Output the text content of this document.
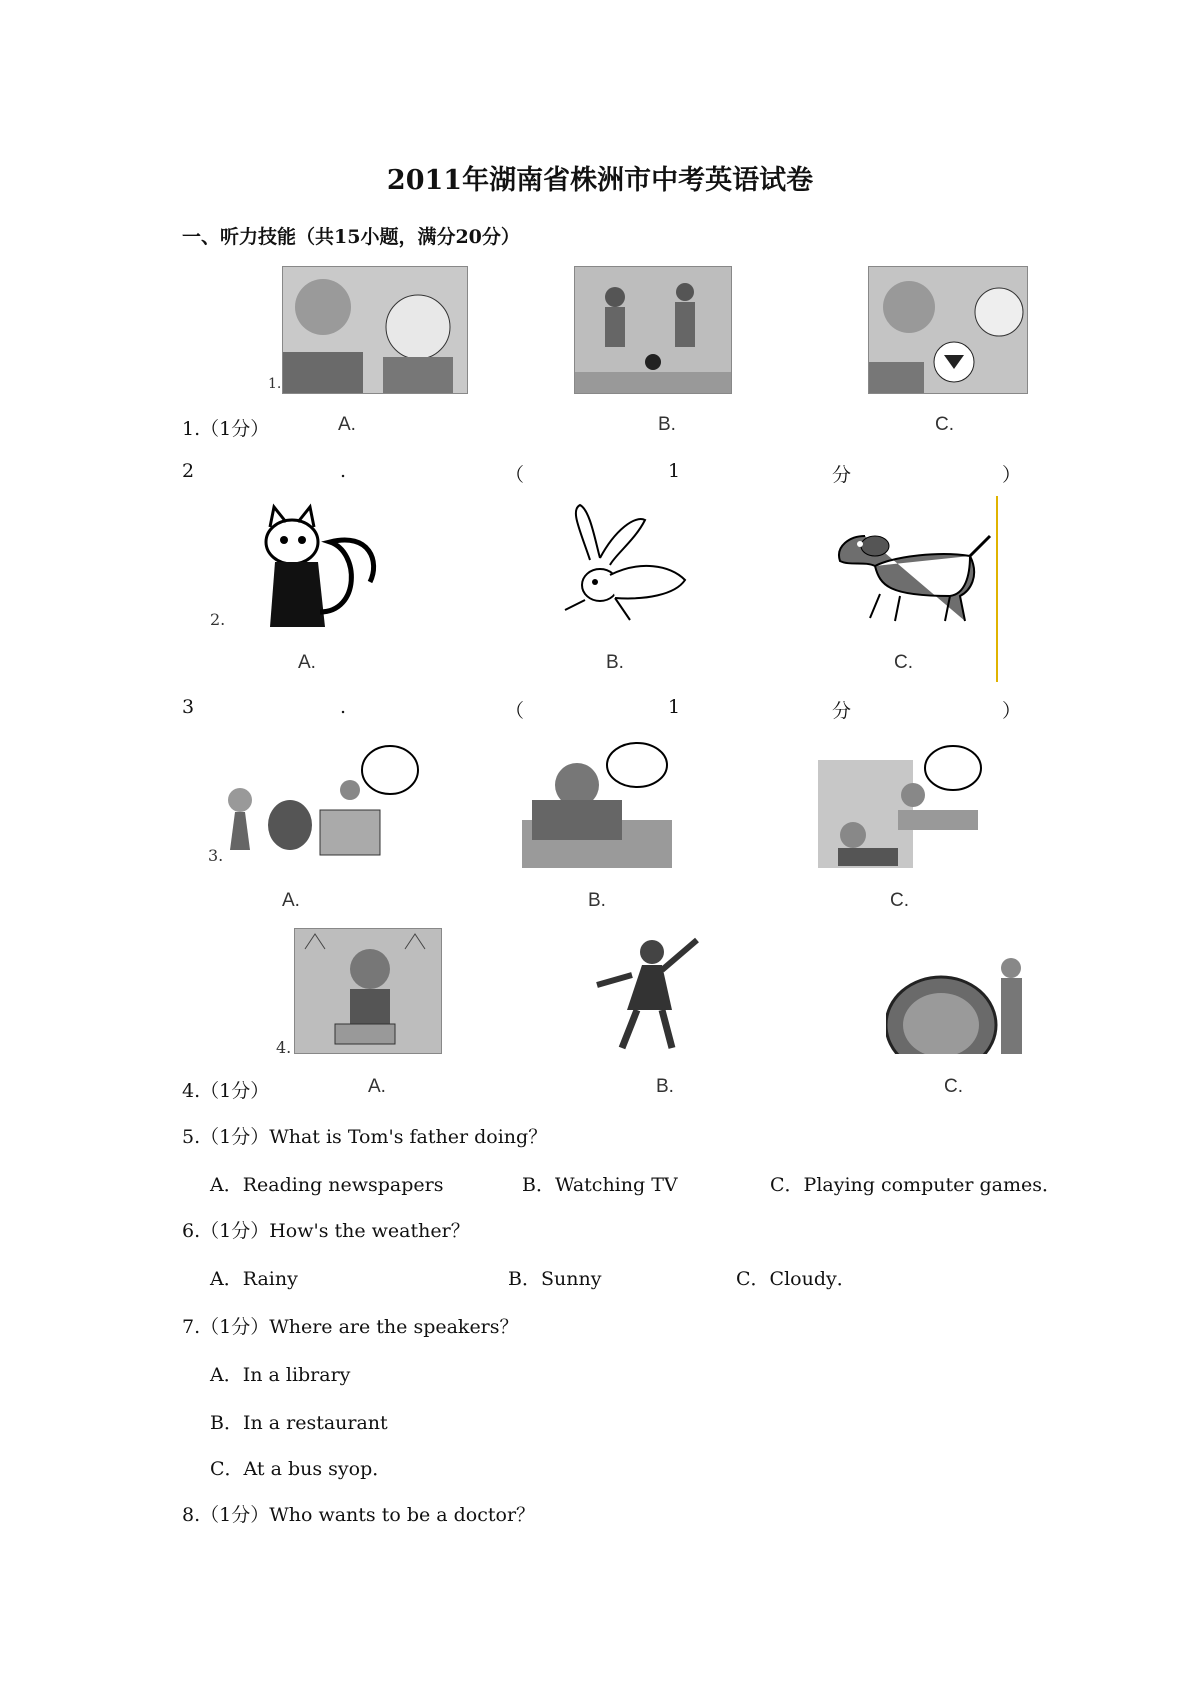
2011年湖南省株洲市中考英语试卷
一、听力技能（共15小题，满分20分）
1.
1.（1分）	A.	B.	C.
2	.	（	1	分	）
2.
A.	B.	C.
3	.	（	1	分	）
3.
A.	B.	C.
4.
4.（1分）	A.	B.	C.
5.（1分）What is Tom's father doing？
A．Reading newspapers	B．Watching TV	C．Playing computer games．
6.（1分）How's the weather？
A．Rainy	B．Sunny	C．Cloudy．
7.（1分）Where are the speakers？
A．In a library
B．In a restaurant
C．At a bus syop．
8.（1分）Who wants to be a doctor？
